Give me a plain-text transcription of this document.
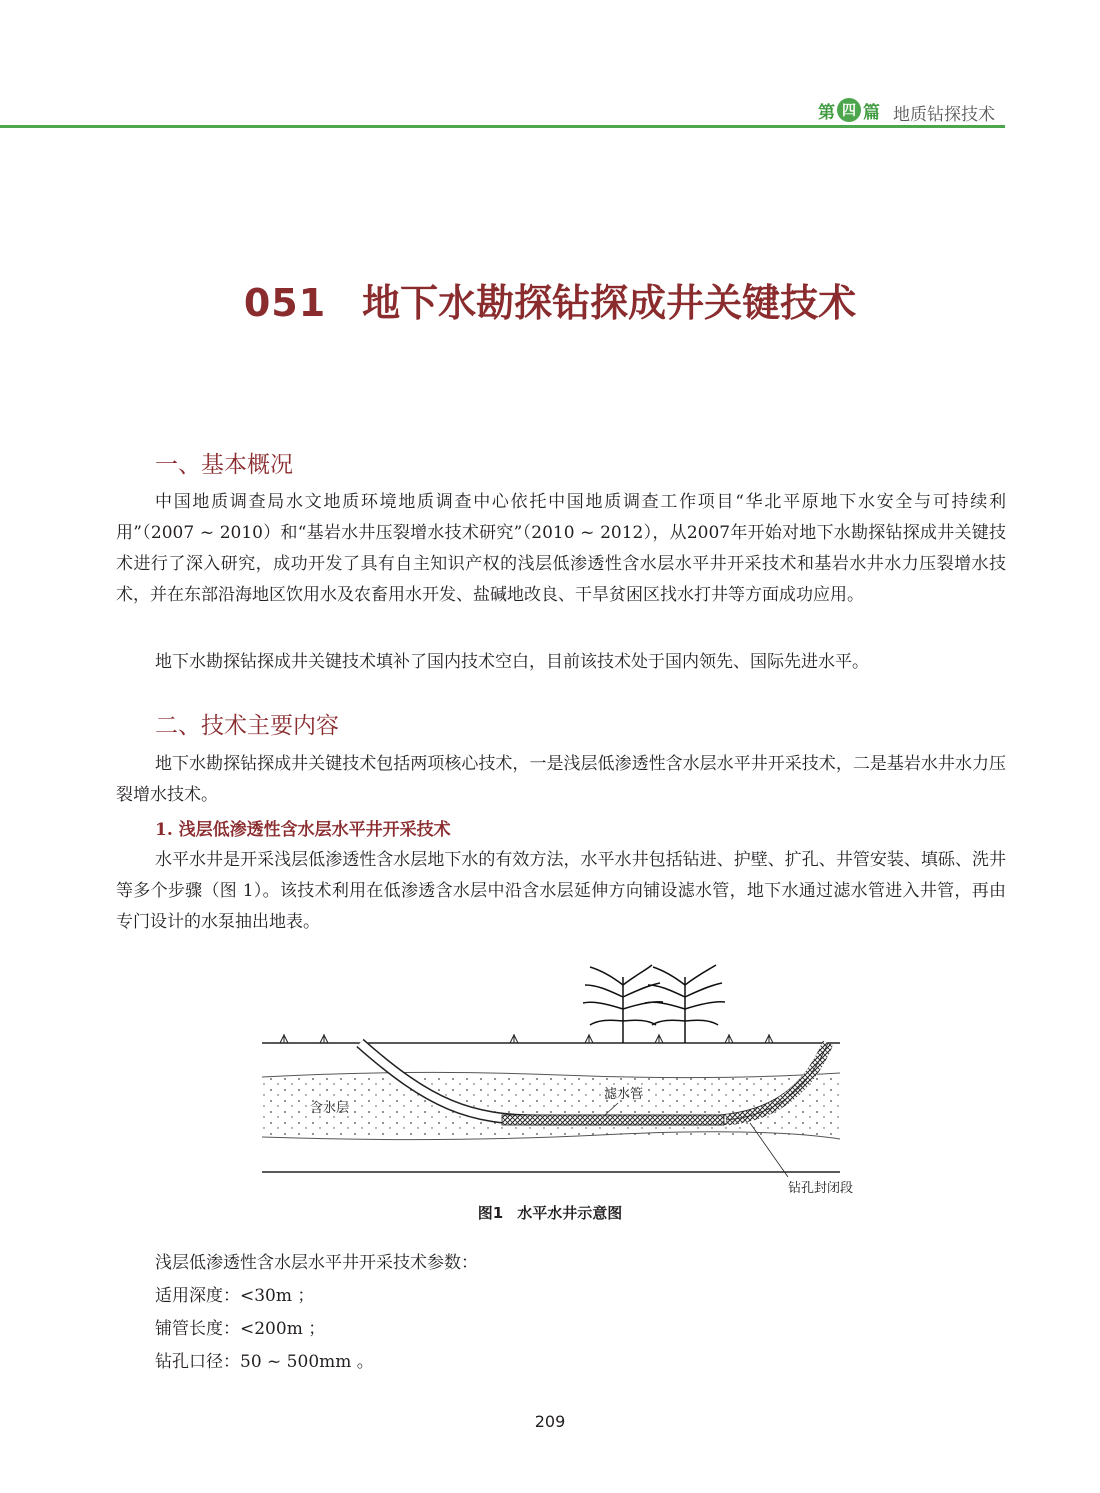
第 四 篇 地质钻探技术
051 地下水勘探钻探成井关键技术
一、基本概况

中国地质调查局水文地质环境地质调查中心依托中国地质调查工作项目“华北平原地下水安全与可持续利用”（2007 ~ 2010）和“基岩水井压裂增水技术研究”（2010 ~ 2012），从2007年开始对地下水勘探钻探成井关键技术进行了深入研究，成功开发了具有自主知识产权的浅层低渗透性含水层水平井开采技术和基岩水井水力压裂增水技术，并在东部沿海地区饮用水及农畜用水开发、盐碱地改良、干旱贫困区找水打井等方面成功应用。

地下水勘探钻探成井关键技术填补了国内技术空白，目前该技术处于国内领先、国际先进水平。

二、技术主要内容

地下水勘探钻探成井关键技术包括两项核心技术，一是浅层低渗透性含水层水平井开采技术，二是基岩水井水力压裂增水技术。

1. 浅层低渗透性含水层水平井开采技术

水平水井是开采浅层低渗透性含水层地下水的有效方法，水平水井包括钻进、护壁、扩孔、井管安装、填砾、洗井等多个步骤（图 1）。该技术利用在低渗透含水层中沿含水层延伸方向铺设滤水管，地下水通过滤水管进入井管，再由专门设计的水泵抽出地表。

含水层
滤水管
钻孔封闭段
图1 水平水井示意图
浅层低渗透性含水层水平井开采技术参数：
适用深度：<30m ；
铺管长度：<200m ；
钻孔口径：50 ~ 500mm 。
209
